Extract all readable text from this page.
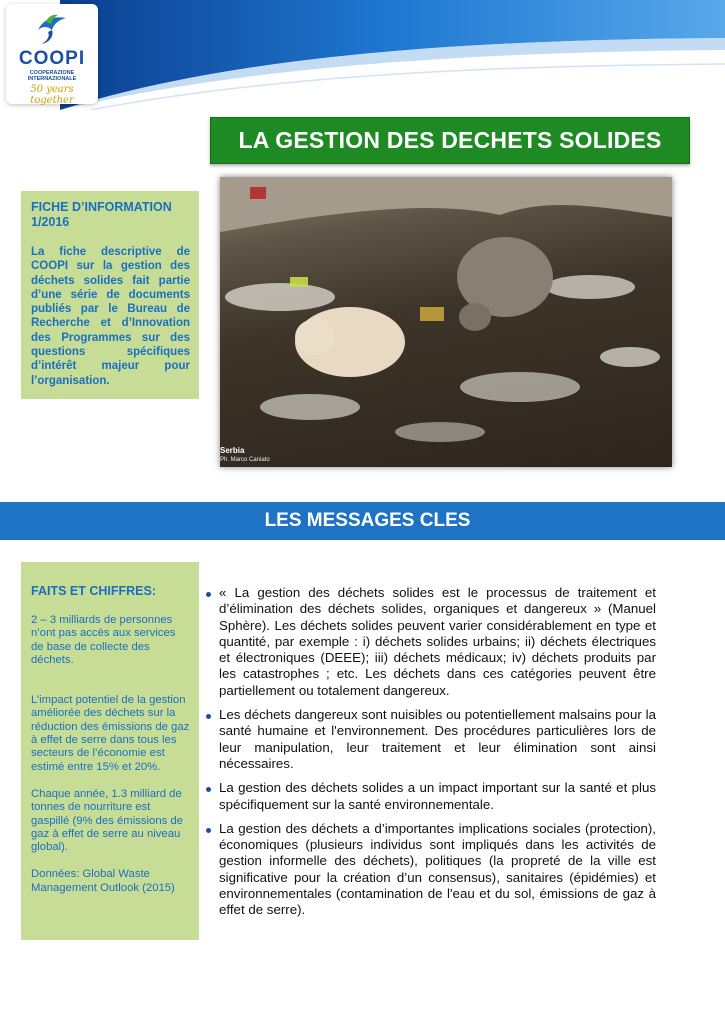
COOPI
COOPERAZIONE
INTERNAZIONALE
50 years together
LA GESTION DES DECHETS SOLIDES
FICHE D’INFORMATION
1/2016
La fiche descriptive de COOPI sur la gestion des déchets solides fait partie d’une série de documents publiés par le Bureau de Recherche et d’Innovation des Programmes sur des questions spécifiques d’intérêt majeur pour l’organisation.
Serbia
Ph. Marco Caniato
LES MESSAGES CLES
FAITS ET CHIFFRES:
2 – 3 milliards de personnes n’ont pas accès aux services de base de collecte des déchets.
L’impact potentiel de la gestion améliorée des déchets sur la réduction des émissions de gaz à effet de serre dans tous les secteurs de l’économie est estimé entre 15% et 20%.
Chaque année, 1.3 milliard de tonnes de nourriture est gaspillé (9% des émissions de gaz à effet de serre au niveau global).
Données: Global Waste Management Outlook (2015)
« La gestion des déchets solides est le processus de traitement et d’élimination des déchets solides, organiques et dangereux » (Manuel Sphère). Les déchets solides peuvent varier considérablement en type et quantité, par exemple : i) déchets solides urbains; ii) déchets électriques et électroniques (DEEE); iii) déchets médicaux; iv) déchets produits par les catastrophes ; etc. Les déchets dans ces catégories peuvent être partiellement ou totalement dangereux.
Les déchets dangereux sont nuisibles ou potentiellement malsains pour la santé humaine et l'environnement. Des procédures particulières lors de leur manipulation, leur traitement et leur élimination sont ainsi nécessaires.
La gestion des déchets solides a un impact important sur la santé et plus spécifiquement sur la santé environnementale.
La gestion des déchets a d’importantes implications sociales (protection), économiques (plusieurs individus sont impliqués dans les activités de gestion informelle des déchets), politiques (la propreté de la ville est significative pour la création d’un consensus), sanitaires (épidémies) et environnementales (contamination de l'eau et du sol, émissions de gaz à effet de serre).
